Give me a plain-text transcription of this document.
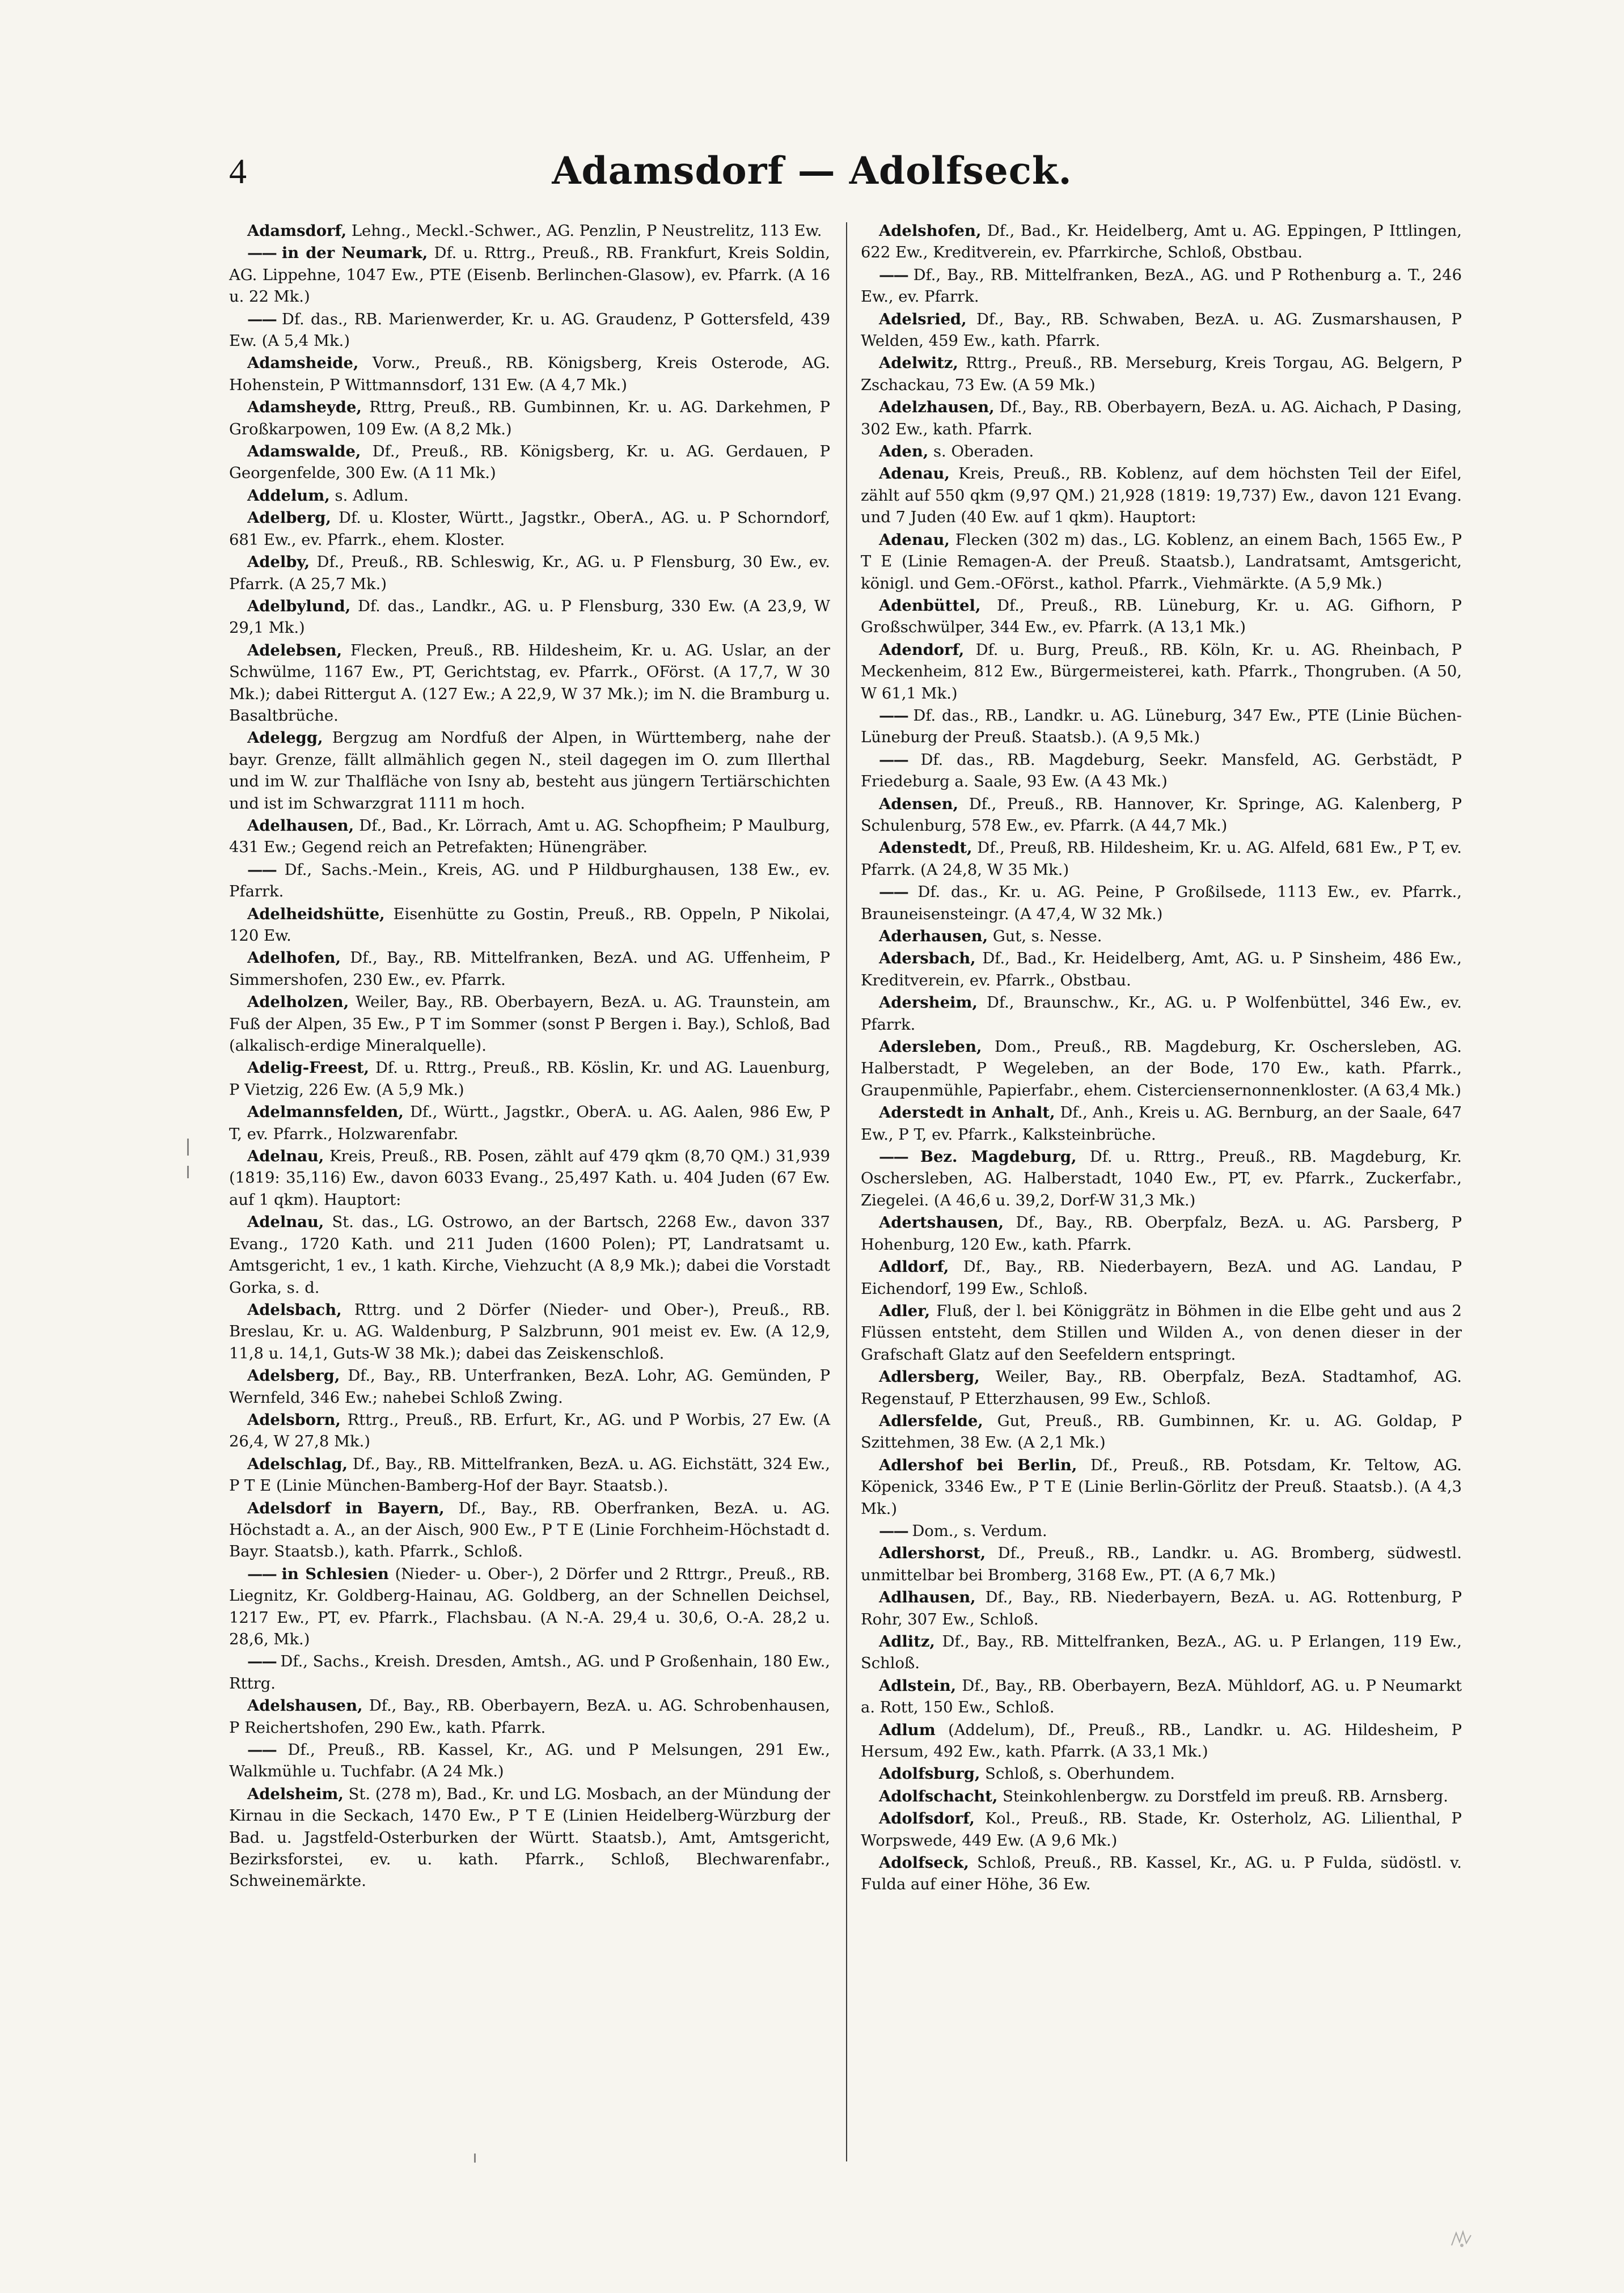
4	Adamsdorf — Adolfseck.

Adamsdorf, Lehng., Meckl.-Schwer., AG. Penzlin, P Neustrelitz, 113 Ew.

—— in der Neumark, Df. u. Rttrg., Preuß., RB. Frankfurt, Kreis Soldin, AG. Lippehne, 1047 Ew., PTE (Eisenb. Berlinchen-Glasow), ev. Pfarrk. (A 16 u. 22 Mk.)

—— Df. das., RB. Marienwerder, Kr. u. AG. Graudenz, P Gottersfeld, 439 Ew. (A 5,4 Mk.)

Adamsheide, Vorw., Preuß., RB. Königsberg, Kreis Osterode, AG. Hohenstein, P Wittmannsdorf, 131 Ew. (A 4,7 Mk.)

Adamsheyde, Rttrg, Preuß., RB. Gumbinnen, Kr. u. AG. Darkehmen, P Großkarpowen, 109 Ew. (A 8,2 Mk.)

Adamswalde, Df., Preuß., RB. Königsberg, Kr. u. AG. Gerdauen, P Georgenfelde, 300 Ew. (A 11 Mk.)

Addelum, s. Adlum.

Adelberg, Df. u. Kloster, Württ., Jagstkr., OberA., AG. u. P Schorndorf, 681 Ew., ev. Pfarrk., ehem. Kloster.

Adelby, Df., Preuß., RB. Schleswig, Kr., AG. u. P Flensburg, 30 Ew., ev. Pfarrk. (A 25,7 Mk.)

Adelbylund, Df. das., Landkr., AG. u. P Flensburg, 330 Ew. (A 23,9, W 29,1 Mk.)

Adelebsen, Flecken, Preuß., RB. Hildesheim, Kr. u. AG. Uslar, an der Schwülme, 1167 Ew., PT, Gerichtstag, ev. Pfarrk., OFörst. (A 17,7, W 30 Mk.); dabei Rittergut A. (127 Ew.; A 22,9, W 37 Mk.); im N. die Bramburg u. Basaltbrüche.

Adelegg, Bergzug am Nordfuß der Alpen, in Württemberg, nahe der bayr. Grenze, fällt allmählich gegen N., steil dagegen im O. zum Illerthal und im W. zur Thalfläche von Isny ab, besteht aus jüngern Tertiärschichten und ist im Schwarzgrat 1111 m hoch.

Adelhausen, Df., Bad., Kr. Lörrach, Amt u. AG. Schopfheim; P Maulburg, 431 Ew.; Gegend reich an Petrefakten; Hünengräber.

—— Df., Sachs.-Mein., Kreis, AG. und P Hildburghausen, 138 Ew., ev. Pfarrk.

Adelheidshütte, Eisenhütte zu Gostin, Preuß., RB. Oppeln, P Nikolai, 120 Ew.

Adelhofen, Df., Bay., RB. Mittelfranken, BezA. und AG. Uffenheim, P Simmershofen, 230 Ew., ev. Pfarrk.

Adelholzen, Weiler, Bay., RB. Oberbayern, BezA. u. AG. Traunstein, am Fuß der Alpen, 35 Ew., P T im Sommer (sonst P Bergen i. Bay.), Schloß, Bad (alkalisch-erdige Mineralquelle).

Adelig-Freest, Df. u. Rttrg., Preuß., RB. Köslin, Kr. und AG. Lauenburg, P Vietzig, 226 Ew. (A 5,9 Mk.)

Adelmannsfelden, Df., Württ., Jagstkr., OberA. u. AG. Aalen, 986 Ew, P T, ev. Pfarrk., Holzwarenfabr.

Adelnau, Kreis, Preuß., RB. Posen, zählt auf 479 qkm (8,70 QM.) 31,939 (1819: 35,116) Ew., davon 6033 Evang., 25,497 Kath. u. 404 Juden (67 Ew. auf 1 qkm). Hauptort:

Adelnau, St. das., LG. Ostrowo, an der Bartsch, 2268 Ew., davon 337 Evang., 1720 Kath. und 211 Juden (1600 Polen); PT, Landratsamt u. Amtsgericht, 1 ev., 1 kath. Kirche, Viehzucht (A 8,9 Mk.); dabei die Vorstadt Gorka, s. d.

Adelsbach, Rttrg. und 2 Dörfer (Nieder- und Ober-), Preuß., RB. Breslau, Kr. u. AG. Waldenburg, P Salzbrunn, 901 meist ev. Ew. (A 12,9, 11,8 u. 14,1, Guts-W 38 Mk.); dabei das Zeiskenschloß.

Adelsberg, Df., Bay., RB. Unterfranken, BezA. Lohr, AG. Gemünden, P Wernfeld, 346 Ew.; nahebei Schloß Zwing.

Adelsborn, Rttrg., Preuß., RB. Erfurt, Kr., AG. und P Worbis, 27 Ew. (A 26,4, W 27,8 Mk.)

Adelschlag, Df., Bay., RB. Mittelfranken, BezA. u. AG. Eichstätt, 324 Ew., P T E (Linie München-Bamberg-Hof der Bayr. Staatsb.).

Adelsdorf in Bayern, Df., Bay., RB. Oberfranken, BezA. u. AG. Höchstadt a. A., an der Aisch, 900 Ew., P T E (Linie Forchheim-Höchstadt d. Bayr. Staatsb.), kath. Pfarrk., Schloß.

—— in Schlesien (Nieder- u. Ober-), 2 Dörfer und 2 Rttrgr., Preuß., RB. Liegnitz, Kr. Goldberg-Hainau, AG. Goldberg, an der Schnellen Deichsel, 1217 Ew., PT, ev. Pfarrk., Flachsbau. (A N.-A. 29,4 u. 30,6, O.-A. 28,2 u. 28,6, Mk.)

—— Df., Sachs., Kreish. Dresden, Amtsh., AG. und P Großenhain, 180 Ew., Rttrg.

Adelshausen, Df., Bay., RB. Oberbayern, BezA. u. AG. Schrobenhausen, P Reichertshofen, 290 Ew., kath. Pfarrk.

—— Df., Preuß., RB. Kassel, Kr., AG. und P Melsungen, 291 Ew., Walkmühle u. Tuchfabr. (A 24 Mk.)

Adelsheim, St. (278 m), Bad., Kr. und LG. Mosbach, an der Mündung der Kirnau in die Seckach, 1470 Ew., P T E (Linien Heidelberg-Würzburg der Bad. u. Jagstfeld-Osterburken der Württ. Staatsb.), Amt, Amtsgericht, Bezirksforstei, ev. u. kath. Pfarrk., Schloß, Blechwarenfabr., Schweinemärkte.

Adelshofen, Df., Bad., Kr. Heidelberg, Amt u. AG. Eppingen, P Ittlingen, 622 Ew., Kreditverein, ev. Pfarrkirche, Schloß, Obstbau.

—— Df., Bay., RB. Mittelfranken, BezA., AG. und P Rothenburg a. T., 246 Ew., ev. Pfarrk.

Adelsried, Df., Bay., RB. Schwaben, BezA. u. AG. Zusmarshausen, P Welden, 459 Ew., kath. Pfarrk.

Adelwitz, Rttrg., Preuß., RB. Merseburg, Kreis Torgau, AG. Belgern, P Zschackau, 73 Ew. (A 59 Mk.)

Adelzhausen, Df., Bay., RB. Oberbayern, BezA. u. AG. Aichach, P Dasing, 302 Ew., kath. Pfarrk.

Aden, s. Oberaden.

Adenau, Kreis, Preuß., RB. Koblenz, auf dem höchsten Teil der Eifel, zählt auf 550 qkm (9,97 QM.) 21,928 (1819: 19,737) Ew., davon 121 Evang. und 7 Juden (40 Ew. auf 1 qkm). Hauptort:

Adenau, Flecken (302 m) das., LG. Koblenz, an einem Bach, 1565 Ew., P T E (Linie Remagen-A. der Preuß. Staatsb.), Landratsamt, Amtsgericht, königl. und Gem.-OFörst., kathol. Pfarrk., Viehmärkte. (A 5,9 Mk.)

Adenbüttel, Df., Preuß., RB. Lüneburg, Kr. u. AG. Gifhorn, P Großschwülper, 344 Ew., ev. Pfarrk. (A 13,1 Mk.)

Adendorf, Df. u. Burg, Preuß., RB. Köln, Kr. u. AG. Rheinbach, P Meckenheim, 812 Ew., Bürgermeisterei, kath. Pfarrk., Thongruben. (A 50, W 61,1 Mk.)

—— Df. das., RB., Landkr. u. AG. Lüneburg, 347 Ew., PTE (Linie Büchen-Lüneburg der Preuß. Staatsb.). (A 9,5 Mk.)

—— Df. das., RB. Magdeburg, Seekr. Mansfeld, AG. Gerbstädt, P Friedeburg a. Saale, 93 Ew. (A 43 Mk.)

Adensen, Df., Preuß., RB. Hannover, Kr. Springe, AG. Kalenberg, P Schulenburg, 578 Ew., ev. Pfarrk. (A 44,7 Mk.)

Adenstedt, Df., Preuß, RB. Hildesheim, Kr. u. AG. Alfeld, 681 Ew., P T, ev. Pfarrk. (A 24,8, W 35 Mk.)

—— Df. das., Kr. u. AG. Peine, P Großilsede, 1113 Ew., ev. Pfarrk., Brauneisensteingr. (A 47,4, W 32 Mk.)

Aderhausen, Gut, s. Nesse.

Adersbach, Df., Bad., Kr. Heidelberg, Amt, AG. u. P Sinsheim, 486 Ew., Kreditverein, ev. Pfarrk., Obstbau.

Adersheim, Df., Braunschw., Kr., AG. u. P Wolfenbüttel, 346 Ew., ev. Pfarrk.

Adersleben, Dom., Preuß., RB. Magdeburg, Kr. Oschersleben, AG. Halberstadt, P Wegeleben, an der Bode, 170 Ew., kath. Pfarrk., Graupenmühle, Papierfabr., ehem. Cisterciensernonnenkloster. (A 63,4 Mk.)

Aderstedt in Anhalt, Df., Anh., Kreis u. AG. Bernburg, an der Saale, 647 Ew., P T, ev. Pfarrk., Kalksteinbrüche.

—— Bez. Magdeburg, Df. u. Rttrg., Preuß., RB. Magdeburg, Kr. Oschersleben, AG. Halberstadt, 1040 Ew., PT, ev. Pfarrk., Zuckerfabr., Ziegelei. (A 46,6 u. 39,2, Dorf-W 31,3 Mk.)

Adertshausen, Df., Bay., RB. Oberpfalz, BezA. u. AG. Parsberg, P Hohenburg, 120 Ew., kath. Pfarrk.

Adldorf, Df., Bay., RB. Niederbayern, BezA. und AG. Landau, P Eichendorf, 199 Ew., Schloß.

Adler, Fluß, der l. bei Königgrätz in Böhmen in die Elbe geht und aus 2 Flüssen entsteht, dem Stillen und Wilden A., von denen dieser in der Grafschaft Glatz auf den Seefeldern entspringt.

Adlersberg, Weiler, Bay., RB. Oberpfalz, BezA. Stadtamhof, AG. Regenstauf, P Etterzhausen, 99 Ew., Schloß.

Adlersfelde, Gut, Preuß., RB. Gumbinnen, Kr. u. AG. Goldap, P Szittehmen, 38 Ew. (A 2,1 Mk.)

Adlershof bei Berlin, Df., Preuß., RB. Potsdam, Kr. Teltow, AG. Köpenick, 3346 Ew., P T E (Linie Berlin-Görlitz der Preuß. Staatsb.). (A 4,3 Mk.)

—— Dom., s. Verdum.

Adlershorst, Df., Preuß., RB., Landkr. u. AG. Bromberg, südwestl. unmittelbar bei Bromberg, 3168 Ew., PT. (A 6,7 Mk.)

Adlhausen, Df., Bay., RB. Niederbayern, BezA. u. AG. Rottenburg, P Rohr, 307 Ew., Schloß.

Adlitz, Df., Bay., RB. Mittelfranken, BezA., AG. u. P Erlangen, 119 Ew., Schloß.

Adlstein, Df., Bay., RB. Oberbayern, BezA. Mühldorf, AG. u. P Neumarkt a. Rott, 150 Ew., Schloß.

Adlum (Addelum), Df., Preuß., RB., Landkr. u. AG. Hildesheim, P Hersum, 492 Ew., kath. Pfarrk. (A 33,1 Mk.)

Adolfsburg, Schloß, s. Oberhundem.

Adolfschacht, Steinkohlenbergw. zu Dorstfeld im preuß. RB. Arnsberg.

Adolfsdorf, Kol., Preuß., RB. Stade, Kr. Osterholz, AG. Lilienthal, P Worpswede, 449 Ew. (A 9,6 Mk.)

Adolfseck, Schloß, Preuß., RB. Kassel, Kr., AG. u. P Fulda, südöstl. v. Fulda auf einer Höhe, 36 Ew.
